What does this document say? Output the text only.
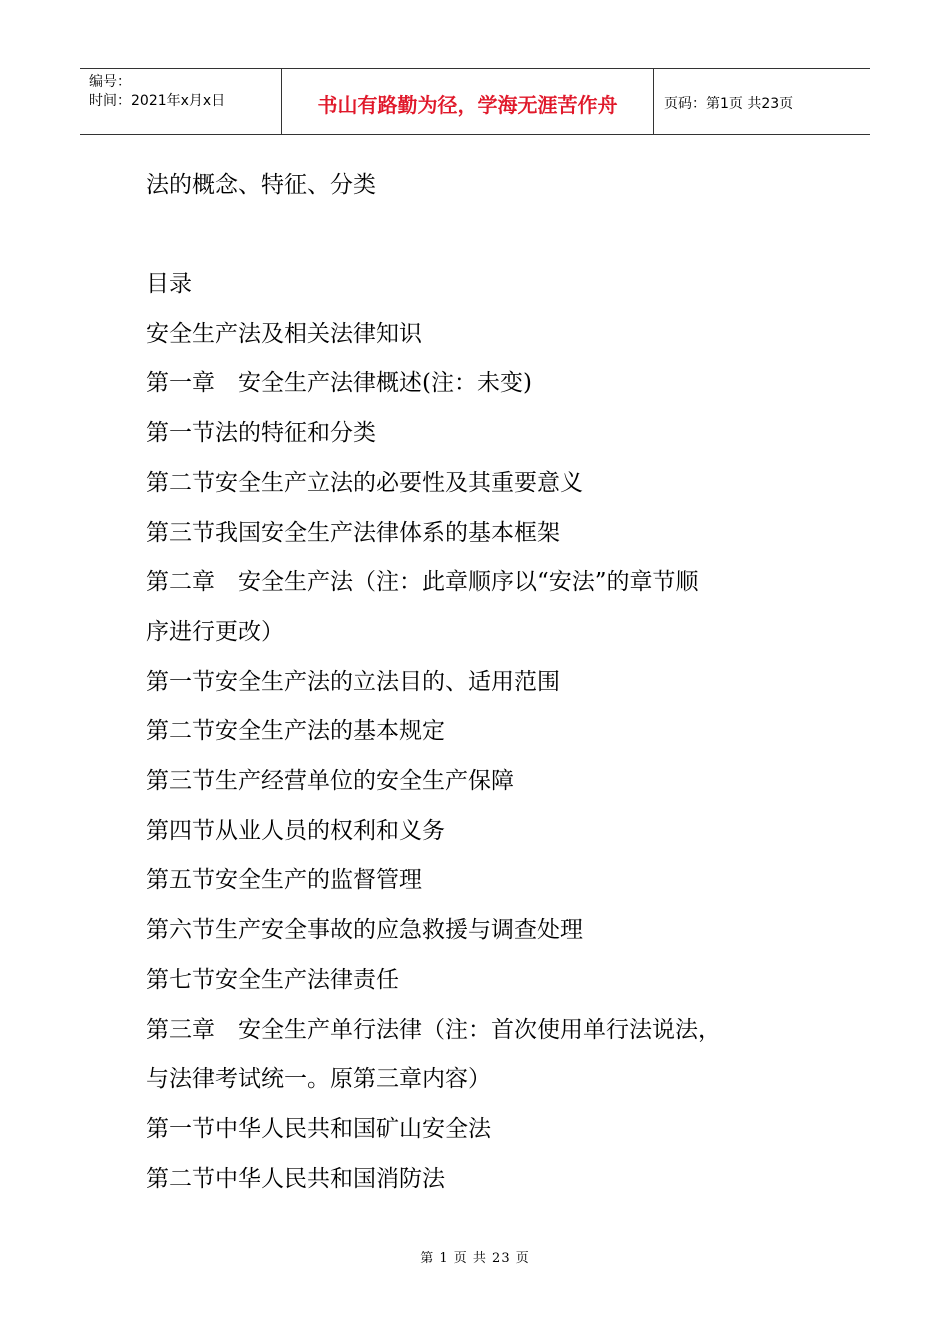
编号：
时间：2021年x月x日	书山有路勤为径，学海无涯苦作舟	页码：第1页 共23页

法的概念、特征、分类

目录

安全生产法及相关法律知识

第一章　安全生产法律概述(注：未变)

第一节法的特征和分类

第二节安全生产立法的必要性及其重要意义

第三节我国安全生产法律体系的基本框架

第二章　安全生产法（注：此章顺序以“安法”的章节顺

序进行更改）

第一节安全生产法的立法目的、适用范围

第二节安全生产法的基本规定

第三节生产经营单位的安全生产保障

第四节从业人员的权利和义务

第五节安全生产的监督管理

第六节生产安全事故的应急救援与调查处理

第七节安全生产法律责任

第三章　安全生产单行法律（注：首次使用单行法说法，

与法律考试统一。原第三章内容）

第一节中华人民共和国矿山安全法

第二节中华人民共和国消防法

第 1 页 共 23 页
